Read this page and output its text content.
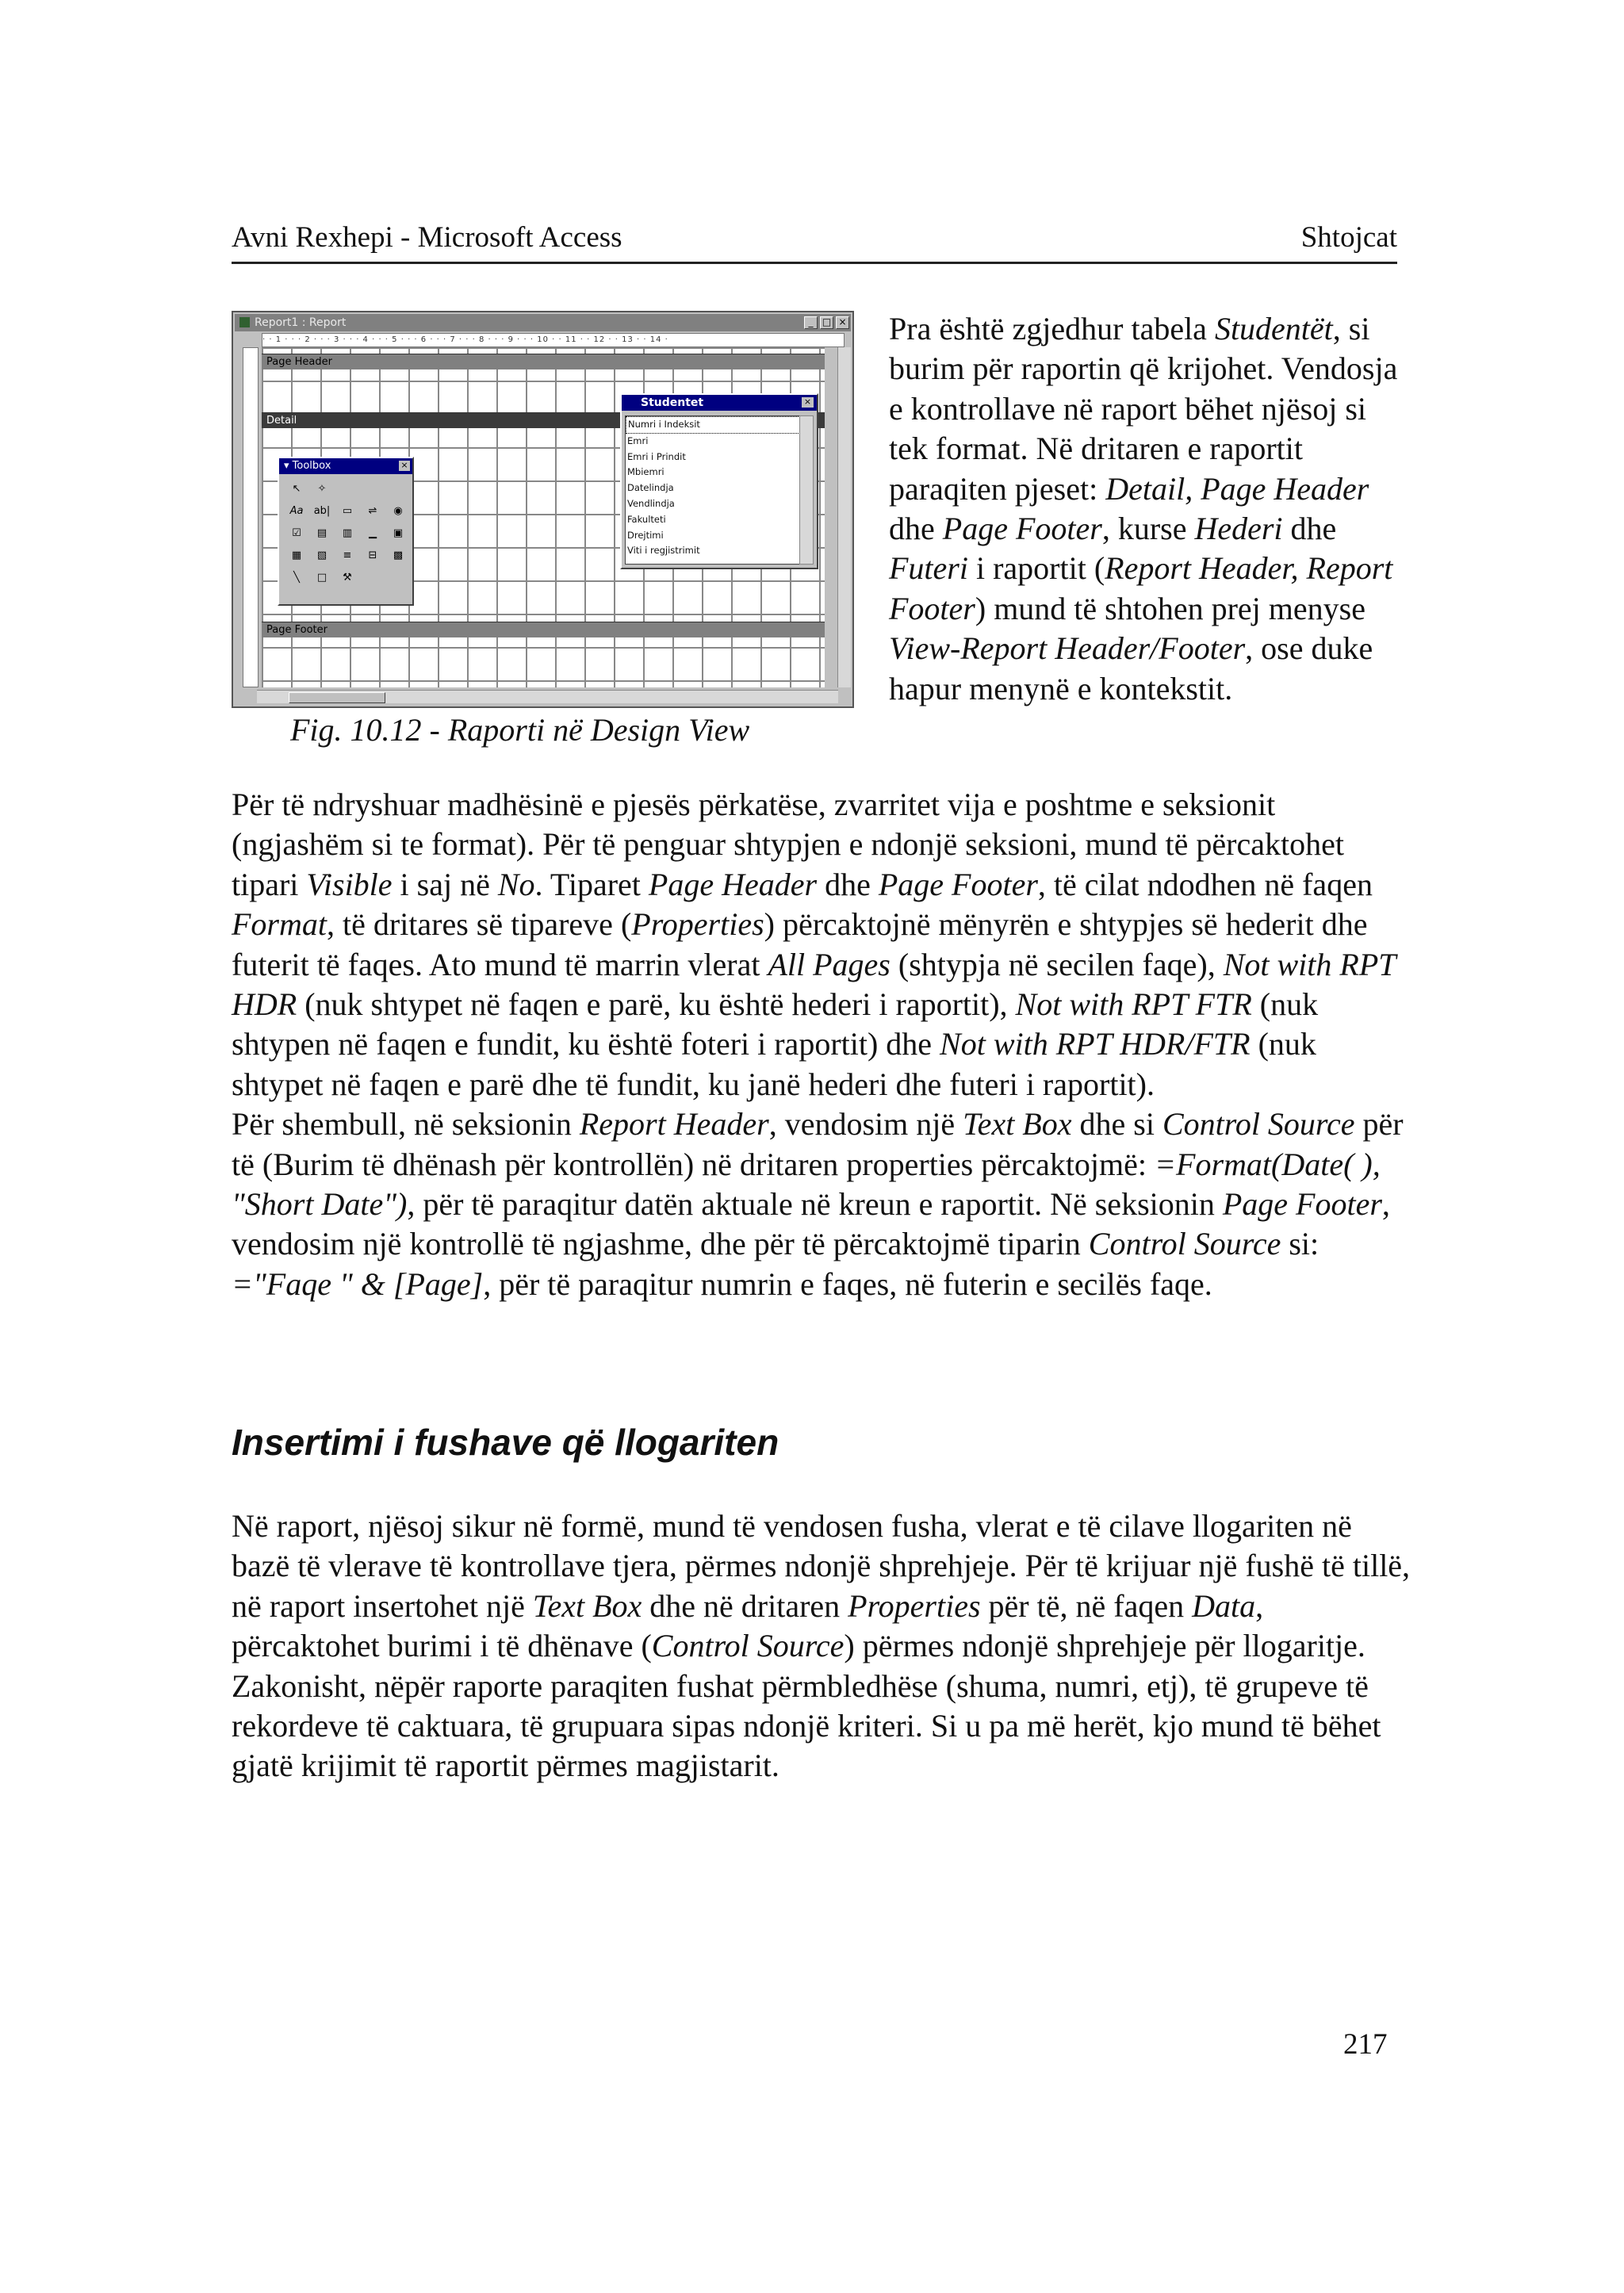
Avni Rexhepi - Microsoft Access	Shtojcat
Report1 : Report	_ □ ×
· · 1 · · · 2 · · · 3 · · · 4 · · · 5 · · · 6 · · · 7 · · · 8 · · · 9 · · · 10 · · 11 · · 12 · · 13 · · 14 ·
Page Header
Detail
Page Footer
▾ Toolbox	×
↖	✧
Aa ab|	▭	⇌	◉
☑	▤	▥	▁	▣
▦	▧	≡	⊟	▩
╲	□	⚒
Studentet	×
Numri i Indeksit
Emri
Emri i Prindit
Mbiemri
Datelindja
Vendlindja
Fakulteti
Drejtimi
Viti i regjistrimit
Fig. 10.12 - Raporti në Design View
Pra është zgjedhur tabela Studentët, si burim për raportin që krijohet. Vendosja e kontrollave në raport bëhet njësoj si tek format. Në dritaren e raportit paraqiten pjeset: Detail, Page Header dhe Page Footer, kurse Hederi dhe Futeri i raportit (Report Header, Report Footer) mund të shtohen prej menyse View-Report Header/Footer, ose duke hapur menynë e kontekstit.
Për të ndryshuar madhësinë e pjesës përkatëse, zvarritet vija e poshtme e seksionit (ngjashëm si te format). Për të penguar shtypjen e ndonjë seksioni, mund të përcaktohet tipari Visible i saj në No. Tiparet Page Header dhe Page Footer, të cilat ndodhen në faqen Format, të dritares së tipareve (Properties) përcaktojnë mënyrën e shtypjes së hederit dhe futerit të faqes. Ato mund të marrin vlerat All Pages (shtypja në secilen faqe), Not with RPT HDR (nuk shtypet në faqen e parë, ku është hederi i raportit), Not with RPT FTR (nuk shtypen në faqen e fundit, ku është foteri i raportit) dhe Not with RPT HDR/FTR (nuk shtypet në faqen e parë dhe të fundit, ku janë hederi dhe futeri i raportit).
Për shembull, në seksionin Report Header, vendosim një Text Box dhe si Control Source për të (Burim të dhënash për kontrollën) në dritaren properties përcaktojmë: =Format(Date( ), "Short Date"), për të paraqitur datën aktuale në kreun e raportit. Në seksionin Page Footer, vendosim një kontrollë të ngjashme, dhe për të përcaktojmë tiparin Control Source si: ="Faqe " & [Page], për të paraqitur numrin e faqes, në futerin e secilës faqe.
Insertimi i fushave që llogariten
Në raport, njësoj sikur në formë, mund të vendosen fusha, vlerat e të cilave llogariten në bazë të vlerave të kontrollave tjera, përmes ndonjë shprehjeje. Për të krijuar një fushë të tillë, në raport insertohet një Text Box dhe në dritaren Properties për të, në faqen Data, përcaktohet burimi i të dhënave (Control Source) përmes ndonjë shprehjeje për llogaritje. Zakonisht, nëpër raporte paraqiten fushat përmbledhëse (shuma, numri, etj), të grupeve të rekordeve të caktuara, të grupuara sipas ndonjë kriteri. Si u pa më herët, kjo mund të bëhet gjatë krijimit të raportit përmes magjistarit.
217
